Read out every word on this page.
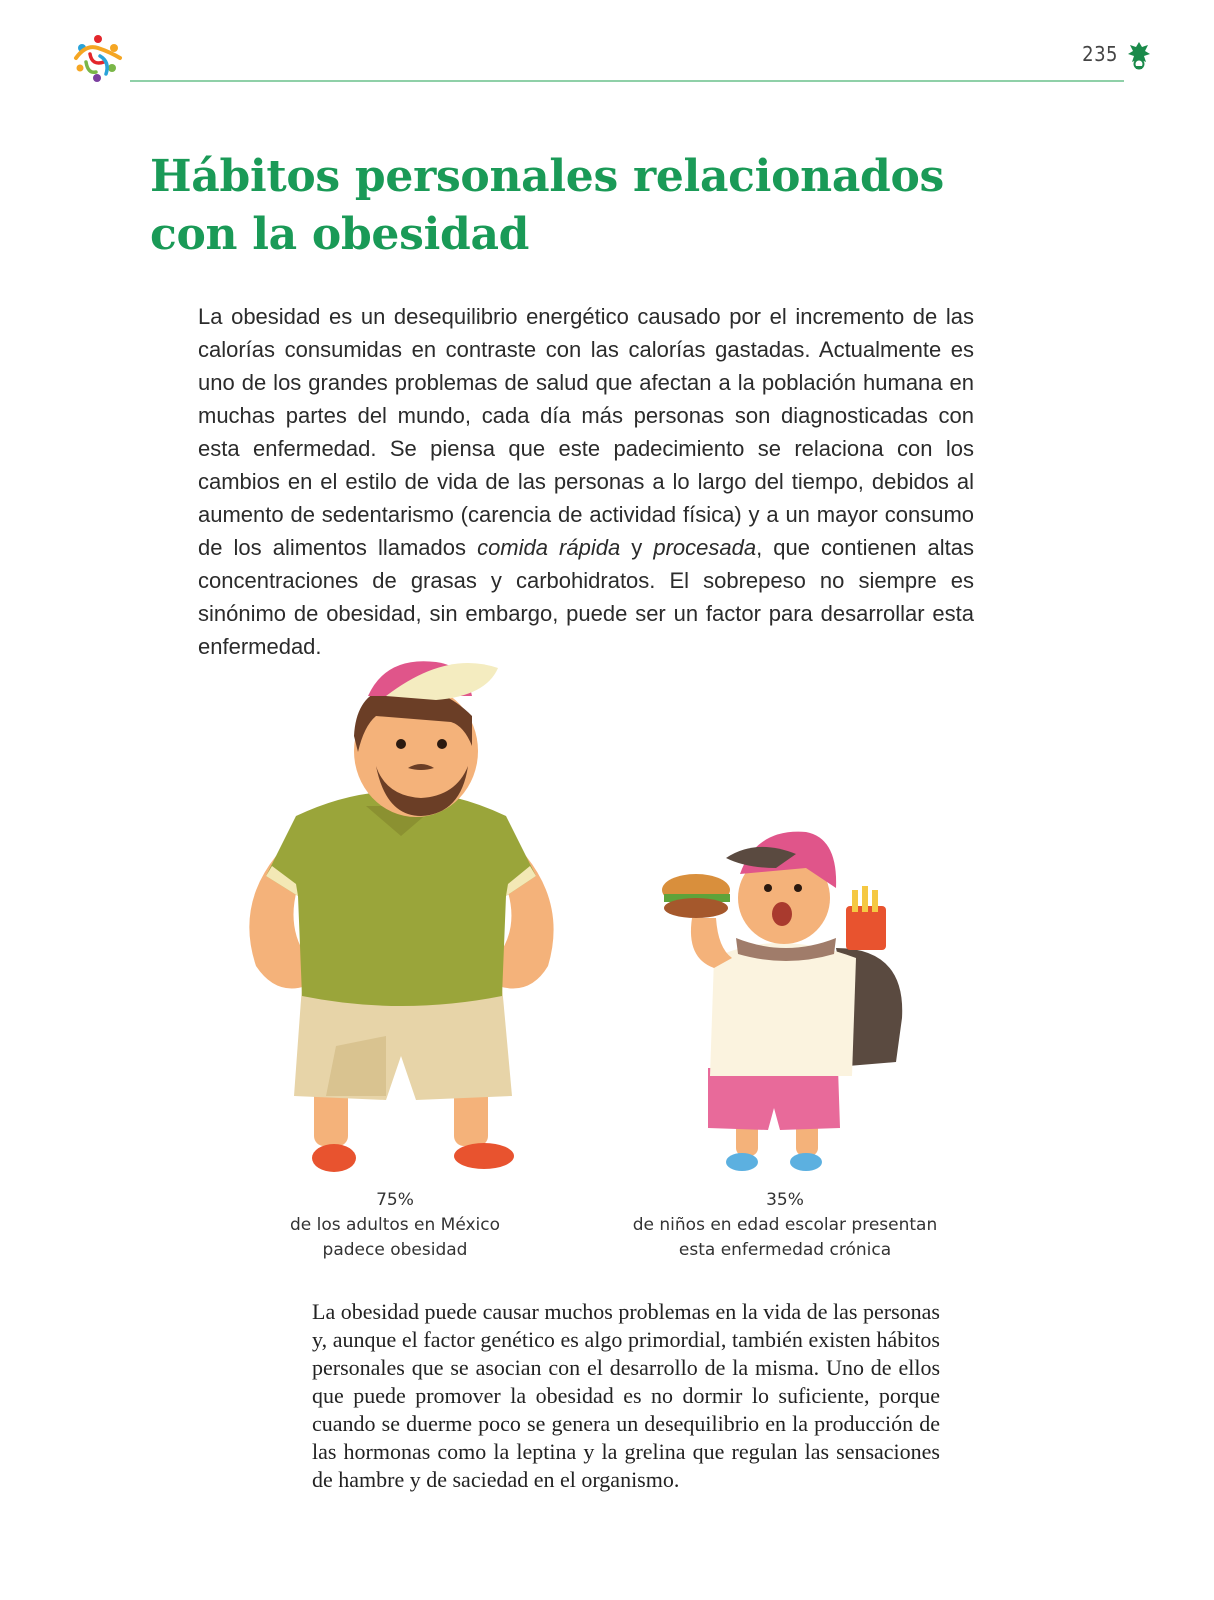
235
Hábitos personales relacionados
con la obesidad

La obesidad es un desequilibrio energético causado por el incremento de las calorías consumidas en contraste con las calorías gastadas. Actualmente es uno de los grandes problemas de salud que afectan a la población humana en muchas partes del mundo, cada día más personas son diagnosticadas con esta enfermedad. Se piensa que este padecimiento se relaciona con los cambios en el estilo de vida de las personas a lo largo del tiempo, debidos al aumento de sedentarismo (carencia de actividad física) y a un mayor consumo de los alimentos llamados comida rápida y procesada, que contienen altas concentraciones de grasas y carbohidratos. El sobrepeso no siempre es sinónimo de obesidad, sin embargo, puede ser un factor para desarrollar esta enfermedad.

75%
de los adultos en México
padece obesidad
35%
de niños en edad escolar presentan
esta enfermedad crónica

La obesidad puede causar muchos problemas en la vida de las personas y, aunque el factor genético es algo primordial, también existen hábitos personales que se asocian con el desarrollo de la misma. Uno de ellos que puede promover la obesidad es no dormir lo suficiente, porque cuando se duerme poco se genera un desequilibrio en la producción de las hormonas como la leptina y la grelina que regulan las sensaciones de hambre y de saciedad en el organismo.
